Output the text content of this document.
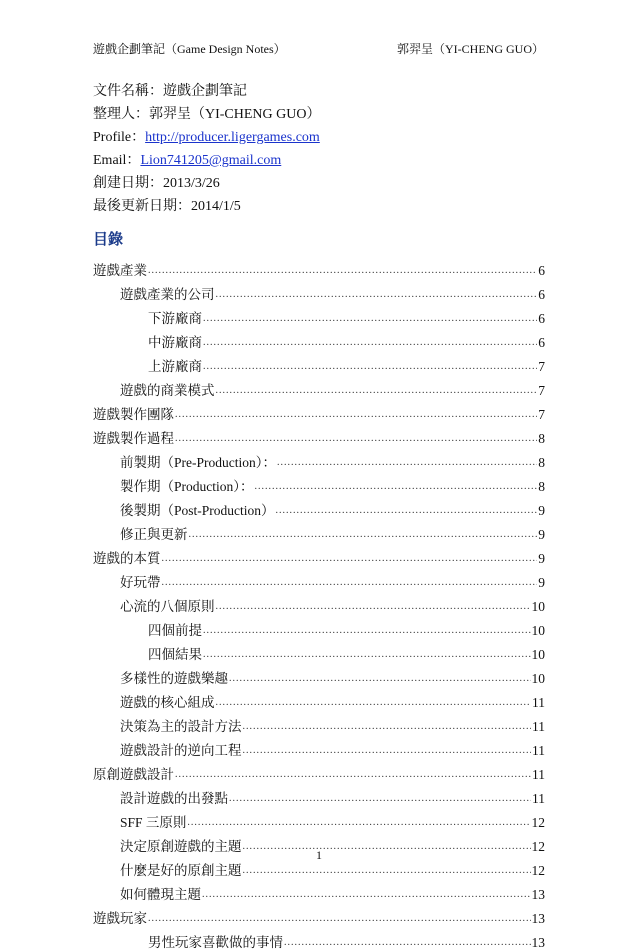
遊戲企劃筆記（Game Design Notes）	郭羿呈（YI-CHENG GUO）
文件名稱：遊戲企劃筆記
整理人：郭羿呈（YI-CHENG GUO）
Profile：http://producer.ligergames.com
Email：Lion741205@gmail.com
創建日期：2013/3/26
最後更新日期：2014/1/5
目錄
遊戲產業 .....	6
遊戲產業的公司 .....	6
下游廠商 .....	6
中游廠商 .....	6
上游廠商 .....	7
遊戲的商業模式 .....	7
遊戲製作團隊 .....	7
遊戲製作過程 .....	8
前製期（Pre-Production）： .....	8
製作期（Production）： .....	8
後製期（Post-Production） .....	9
修正與更新 .....	9
遊戲的本質 .....	9
好玩帶 .....	9
心流的八個原則 .....	10
四個前提 .....	10
四個結果 .....	10
多樣性的遊戲樂趣 .....	10
遊戲的核心組成 .....	11
決策為主的設計方法 .....	11
遊戲設計的逆向工程 .....	11
原創遊戲設計 .....	11
設計遊戲的出發點 .....	11
SFF 三原則 .....	12
決定原創遊戲的主題 .....	12
什麼是好的原創主題 .....	12
如何體現主題 .....	13
遊戲玩家 .....	13
男性玩家喜歡做的事情 .....	13
1
